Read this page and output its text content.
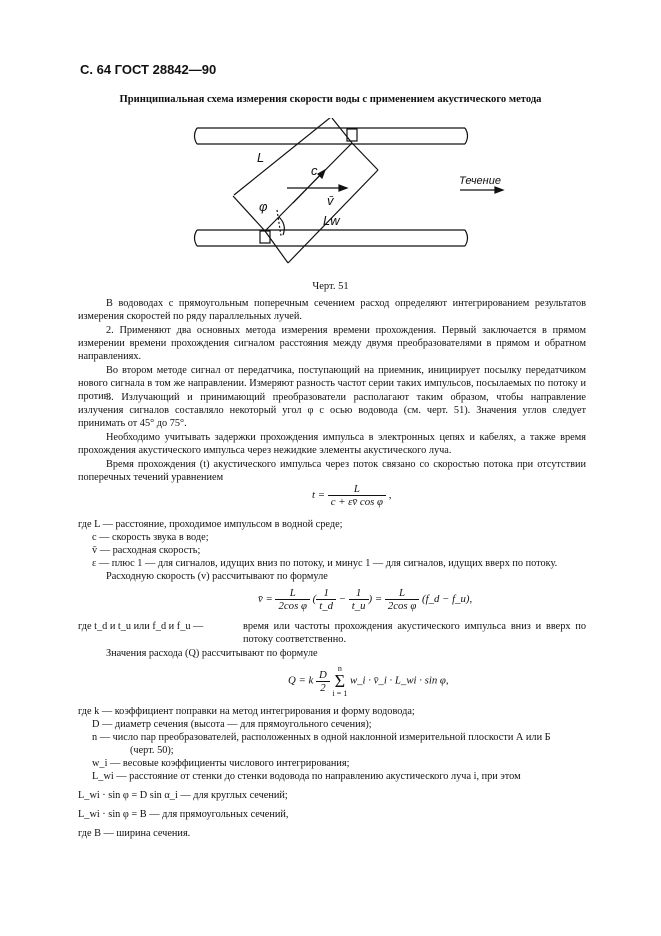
С. 64 ГОСТ 28842—90
Принципиальная схема измерения скорости воды с применением акустического метода
L
c
v̄
φ
Lw
Течение
Черт. 51
В водоводах с прямоугольным поперечным сечением расход определяют интегрированием результатов измерения скоростей по ряду параллельных лучей.
2. Применяют два основных метода измерения времени прохождения. Первый заключается в прямом измерении времени прохождения сигналом расстояния между двумя преобразователями в прямом и обратном направлениях.
Во втором методе сигнал от передатчика, поступающий на приемник, инициирует посылку передатчиком нового сигнала в том же направлении. Измеряют разность частот серии таких импульсов, посылаемых по потоку и против.
3. Излучающий и принимающий преобразователи располагают таким образом, чтобы направление излучения сигналов составляло некоторый угол φ с осью водовода (см. черт. 51). Значения углов следует принимать от 45° до 75°.
Необходимо учитывать задержки прохождения импульса в электронных цепях и кабелях, а также время прохождения акустического импульса через нежидкие элементы акустического луча.
Время прохождения (t) акустического импульса через поток связано со скоростью потока при отсутствии поперечных течений уравнением
$t = \frac{L}{\text{c + εv̄ cos φ}}$ ,
где L — расстояние, проходимое импульсом в водной среде;
c — скорость звука в воде;
v̄ — расходная скорость;
ε — плюс 1 — для сигналов, идущих вниз по потоку, и минус 1 — для сигналов, идущих вверх по потоку.
Расходную скорость (v) рассчитывают по формуле
v̄ = $\frac{L}{\text{2cos φ}}$ ( $\frac{1}{t\_d} - \frac{1}{t\_u}$ ) = $\frac{L}{\text{2cos φ}}$ (f_d − f_u),
где t_d и t_u или f_d и f_u —	время или частоты прохождения акустического импульса вниз и вверх по потоку соответственно.
Значения расхода (Q) рассчитывают по формуле
Q = k $\frac{D}{2}$
	n
Σ
i = 1
w_i · v̄_i · L_wi · sin φ,
где k — коэффициент поправки на метод интегрирования и форму водовода;
D — диаметр сечения (высота — для прямоугольного сечения);
n — число пар преобразователей, расположенных в одной наклонной измерительной плоскости А или Б
(черт. 50);
w_i — весовые коэффициенты числового интегрирования;
L_wi — расстояние от стенки до стенки водовода по направлению акустического луча i, при этом
L_wi · sin φ = D sin α_i — для круглых сечений;
L_wi · sin φ = B — для прямоугольных сечений,
где B — ширина сечения.
